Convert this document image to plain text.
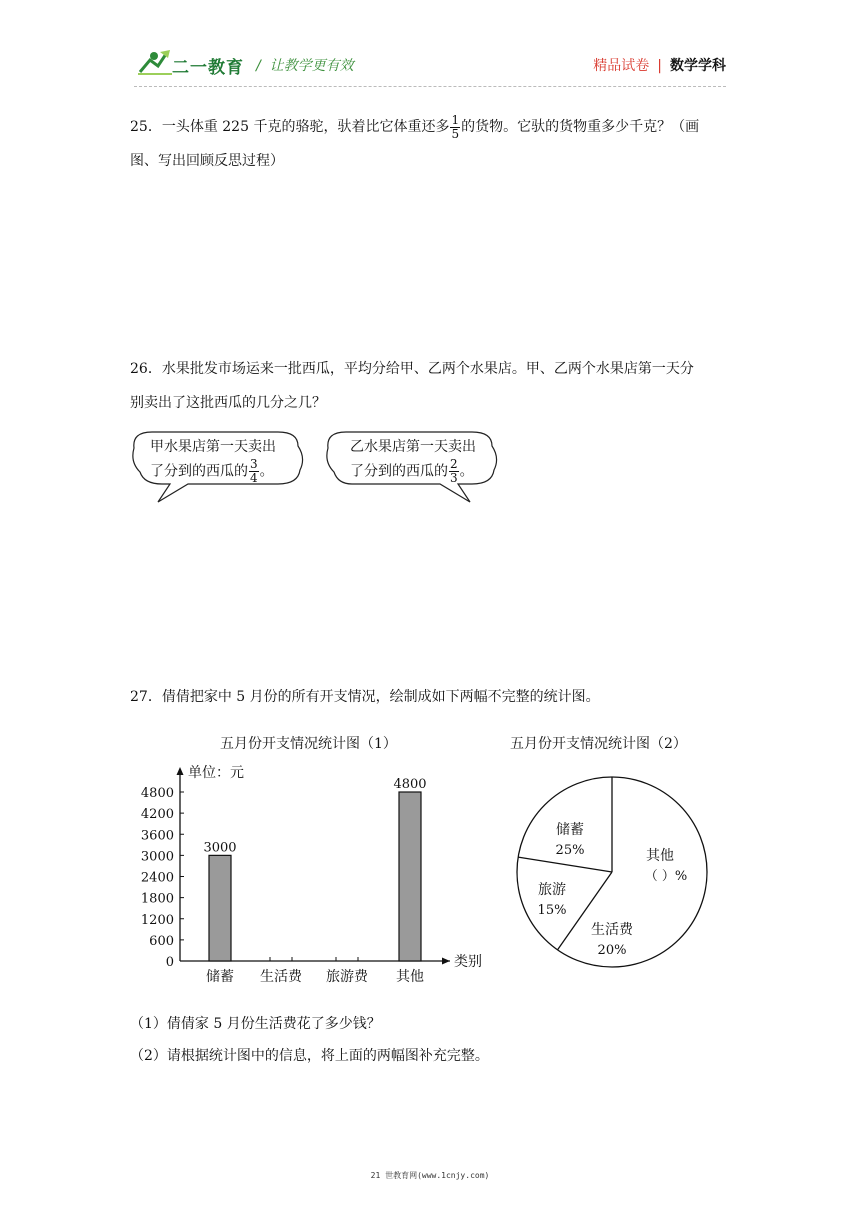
二一教育 /  让教学更有效	精品试卷 | 数学学科
25．一头体重 225 千克的骆驼，驮着比它体重还多 $\frac{1}{5}$ 的货物。它驮的货物重多少千克？（画
图、写出回顾反思过程）
26．水果批发市场运来一批西瓜，平均分给甲、乙两个水果店。甲、乙两个水果店第一天分
别卖出了这批西瓜的几分之几？
甲水果店第一天卖出
了分到的西瓜的 $\frac{3}{4}$ 。
乙水果店第一天卖出
了分到的西瓜的 $\frac{2}{3}$ 。
27．倩倩把家中 5 月份的所有开支情况，绘制成如下两幅不完整的统计图。
五月份开支情况统计图（1）	五月份开支情况统计图（2）
单位：元
类别
0
600
1200
1800
2400
3000
3600
4200
4800
储蓄
3000
生活费 旅游费 其他
4800
储蓄
25%
旅游
15%
生活费
20%
其他
（ ）%
（1）倩倩家 5 月份生活费花了多少钱？
（2）请根据统计图中的信息，将上面的两幅图补充完整。
21 世教育网(www.1cnjy.com)
